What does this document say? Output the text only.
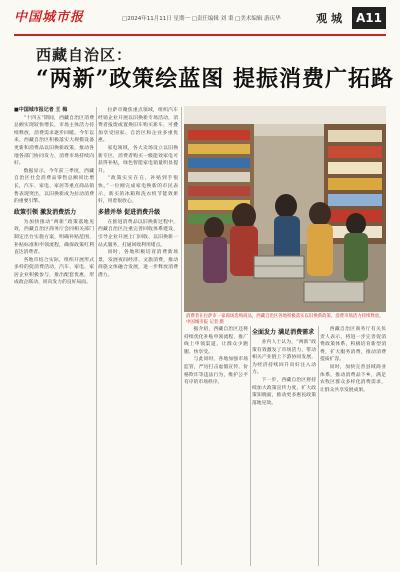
中国城市报	□2024年11月11日 星期一 □责任编辑 刘 秉 □美术编辑 游庆华	观 城	A11
西藏自治区：
“两新”政策绘蓝图 提振消费广拓路
■中国城市报记者 王 梅

“十四五”期间，西藏自治区消费总额实现较快增长，市场主体活力持续释放，消费需求逐步回暖。今年以来，西藏自治区积极落实大规模设备更新和消费品以旧换新政策，推动各地各部门协同发力，消费市场持续向好。

数据显示，今年前三季度，西藏自治区社会消费品零售总额同比增长，汽车、家电、家居等重点商品销售表现突出，以旧换新成为拉动消费的重要引擎。

政策引领 激发消费活力

为加快推动“两新”政策落地见效，西藏自治区商务厅会同相关部门制定出台实施方案，明确补贴范围、补贴标准和申领流程，确保政策红利直达消费者。

各地市结合实际，组织开展形式多样的促消费活动，汽车、家电、家居企业积极参与，推出配套优惠，形成政企联动、同向发力的良好局面。

拉萨市聚焦重点领域，组织汽车经销企业开展以旧换新专场活动，消费者报废或置换旧车购买新车，可叠加享受国家、自治区和企业多重优惠。

家电领域，各大卖场设立以旧换新专区，消费者购买一级能效家电可获得补贴，绿色智能家电销量明显提升。

“政策实实在在，补贴到手很快。”一位刚完成家电换新的市民表示，新买的冰箱和洗衣机节能效果好，用着很放心。

多措并举 促进消费升级

在推进消费品以旧换新过程中，西藏自治区注重完善回收体系建设，引导企业开展上门回收、以旧换新一站式服务，打通回收利用堵点。

同时，各地积极培育消费新场景，发展夜间经济、文旅消费，推动商旅文体融合发展，进一步释放消费潜力。

消费者在拉萨市一家商场选购商品，西藏自治区各地积极落实以旧换新政策，消费市场活力持续释放。 中国城市报 记者 摄

据介绍，西藏自治区还将持续优化补贴申领流程，推广线上申领渠道，让群众少跑腿、快享受。

与此同时，各地加强市场监管，严厉打击虚假宣传、价格欺诈等违法行为，维护公平有序的市场秩序。

全面发力 满足消费需求

业内人士认为，“两新”政策有效激发了市场活力，带动相关产业链上下游协同发展，为经济持续回升向好注入动力。

下一步，西藏自治区将持续加大政策宣传力度，扩大政策知晓面，推动更多惠民政策落地见效。

西藏自治区商务厅有关负责人表示，将进一步完善促消费政策体系，积极培育新型消费，扩大服务消费，推动消费提质扩容。

同时，加快完善县域商业体系，推动消费品下乡，满足农牧区群众多样化消费需求，让群众共享发展成果。
